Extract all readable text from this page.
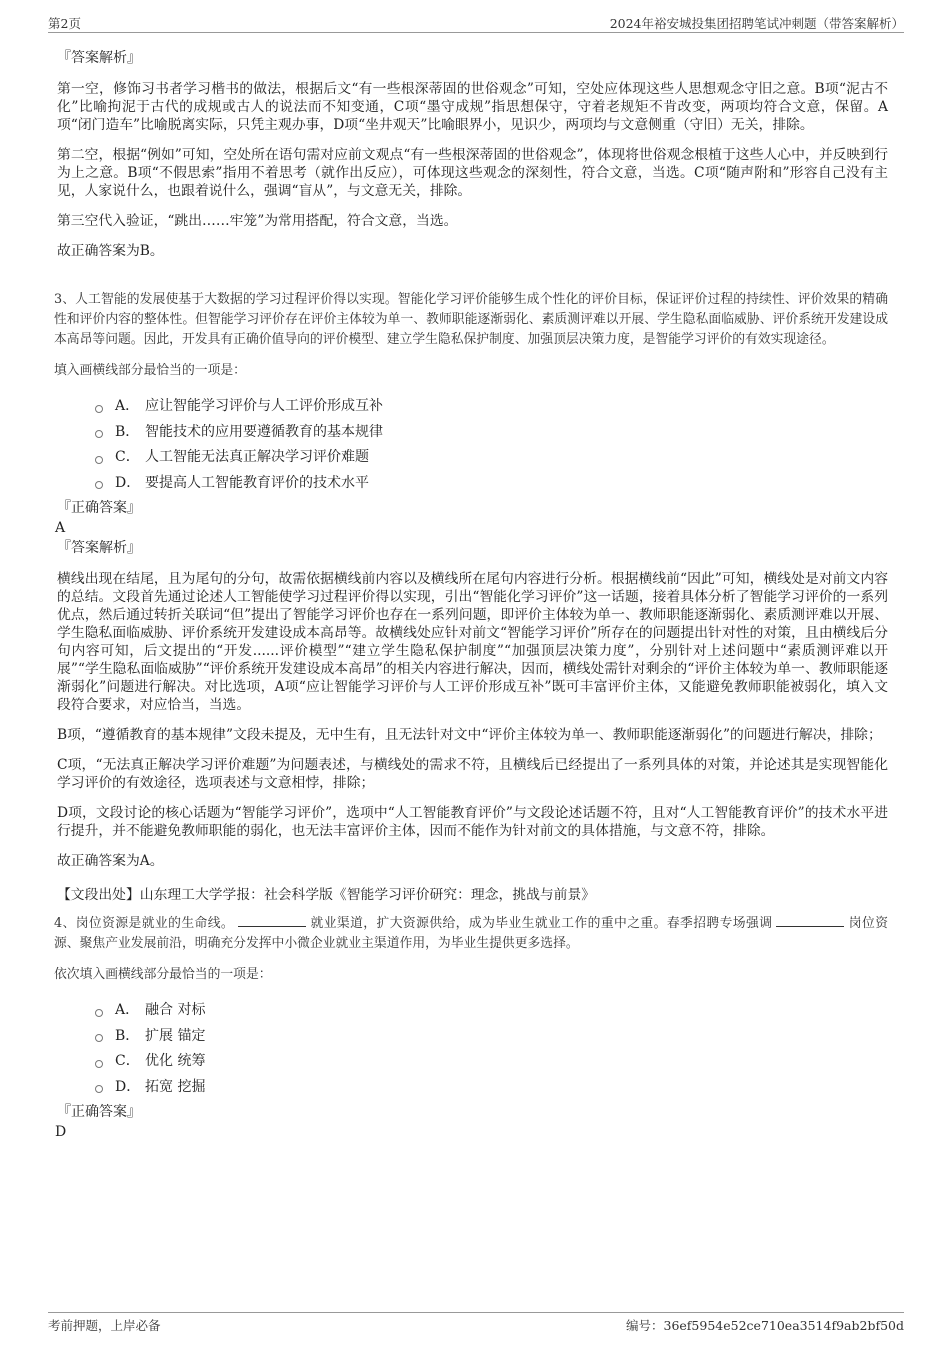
第2页	2024年裕安城投集团招聘笔试冲刺题（带答案解析）
『答案解析』

第一空，修饰习书者学习楷书的做法，根据后文“有一些根深蒂固的世俗观念”可知，空处应体现这些人思想观念守旧之意。B项“泥古不化”比喻拘泥于古代的成规或古人的说法而不知变通，C项“墨守成规”指思想保守，守着老规矩不肯改变，两项均符合文意，保留。A项“闭门造车”比喻脱离实际，只凭主观办事，D项“坐井观天”比喻眼界小，见识少，两项均与文意侧重（守旧）无关，排除。

第二空，根据“例如”可知，空处所在语句需对应前文观点“有一些根深蒂固的世俗观念”，体现将世俗观念根植于这些人心中，并反映到行为上之意。B项“不假思索”指用不着思考（就作出反应），可体现这些观念的深刻性，符合文意，当选。C项“随声附和”形容自己没有主见，人家说什么，也跟着说什么，强调“盲从”，与文意无关，排除。

第三空代入验证，“跳出……牢笼”为常用搭配，符合文意，当选。

故正确答案为B。

3、人工智能的发展使基于大数据的学习过程评价得以实现。智能化学习评价能够生成个性化的评价目标，保证评价过程的持续性、评价效果的精确性和评价内容的整体性。但智能学习评价存在评价主体较为单一、教师职能逐渐弱化、素质测评难以开展、学生隐私面临威胁、评价系统开发建设成本高昂等问题。因此，开发具有正确价值导向的评价模型、建立学生隐私保护制度、加强顶层决策力度，是智能学习评价的有效实现途径。

填入画横线部分最恰当的一项是：

A． 应让智能学习评价与人工评价形成互补
B． 智能技术的应用要遵循教育的基本规律
C． 人工智能无法真正解决学习评价难题
D． 要提高人工智能教育评价的技术水平
『正确答案』
A
『答案解析』

横线出现在结尾，且为尾句的分句，故需依据横线前内容以及横线所在尾句内容进行分析。根据横线前“因此”可知，横线处是对前文内容的总结。文段首先通过论述人工智能使学习过程评价得以实现，引出“智能化学习评价”这一话题，接着具体分析了智能学习评价的一系列优点，然后通过转折关联词“但”提出了智能学习评价也存在一系列问题，即评价主体较为单一、教师职能逐渐弱化、素质测评难以开展、学生隐私面临威胁、评价系统开发建设成本高昂等。故横线处应针对前文“智能学习评价”所存在的问题提出针对性的对策，且由横线后分句内容可知，后文提出的“开发......评价模型”“建立学生隐私保护制度”“加强顶层决策力度”，分别针对上述问题中“素质测评难以开展”“学生隐私面临威胁”“评价系统开发建设成本高昂”的相关内容进行解决，因而，横线处需针对剩余的“评价主体较为单一、教师职能逐渐弱化”问题进行解决。对比选项，A项“应让智能学习评价与人工评价形成互补”既可丰富评价主体，又能避免教师职能被弱化，填入文段符合要求，对应恰当，当选。

B项，“遵循教育的基本规律”文段未提及，无中生有，且无法针对文中“评价主体较为单一、教师职能逐渐弱化”的问题进行解决，排除；

C项，“无法真正解决学习评价难题”为问题表述，与横线处的需求不符，且横线后已经提出了一系列具体的对策，并论述其是实现智能化学习评价的有效途径，选项表述与文意相悖，排除；

D项，文段讨论的核心话题为“智能学习评价”，选项中“人工智能教育评价”与文段论述话题不符，且对“人工智能教育评价”的技术水平进行提升，并不能避免教师职能的弱化，也无法丰富评价主体，因而不能作为针对前文的具体措施，与文意不符，排除。

故正确答案为A。

【文段出处】山东理工大学学报：社会科学版《智能学习评价研究：理念，挑战与前景》

4、岗位资源是就业的生命线。	就业渠道，扩大资源供给，成为毕业生就业工作的重中之重。春季招聘专场强调	岗位资源、聚焦产业发展前沿，明确充分发挥中小微企业就业主渠道作用，为毕业生提供更多选择。

依次填入画横线部分最恰当的一项是：

A． 融合 对标
B． 扩展 锚定
C． 优化 统筹
D． 拓宽 挖掘
『正确答案』
D
考前押题，上岸必备	编号：36ef5954e52ce710ea3514f9ab2bf50d
